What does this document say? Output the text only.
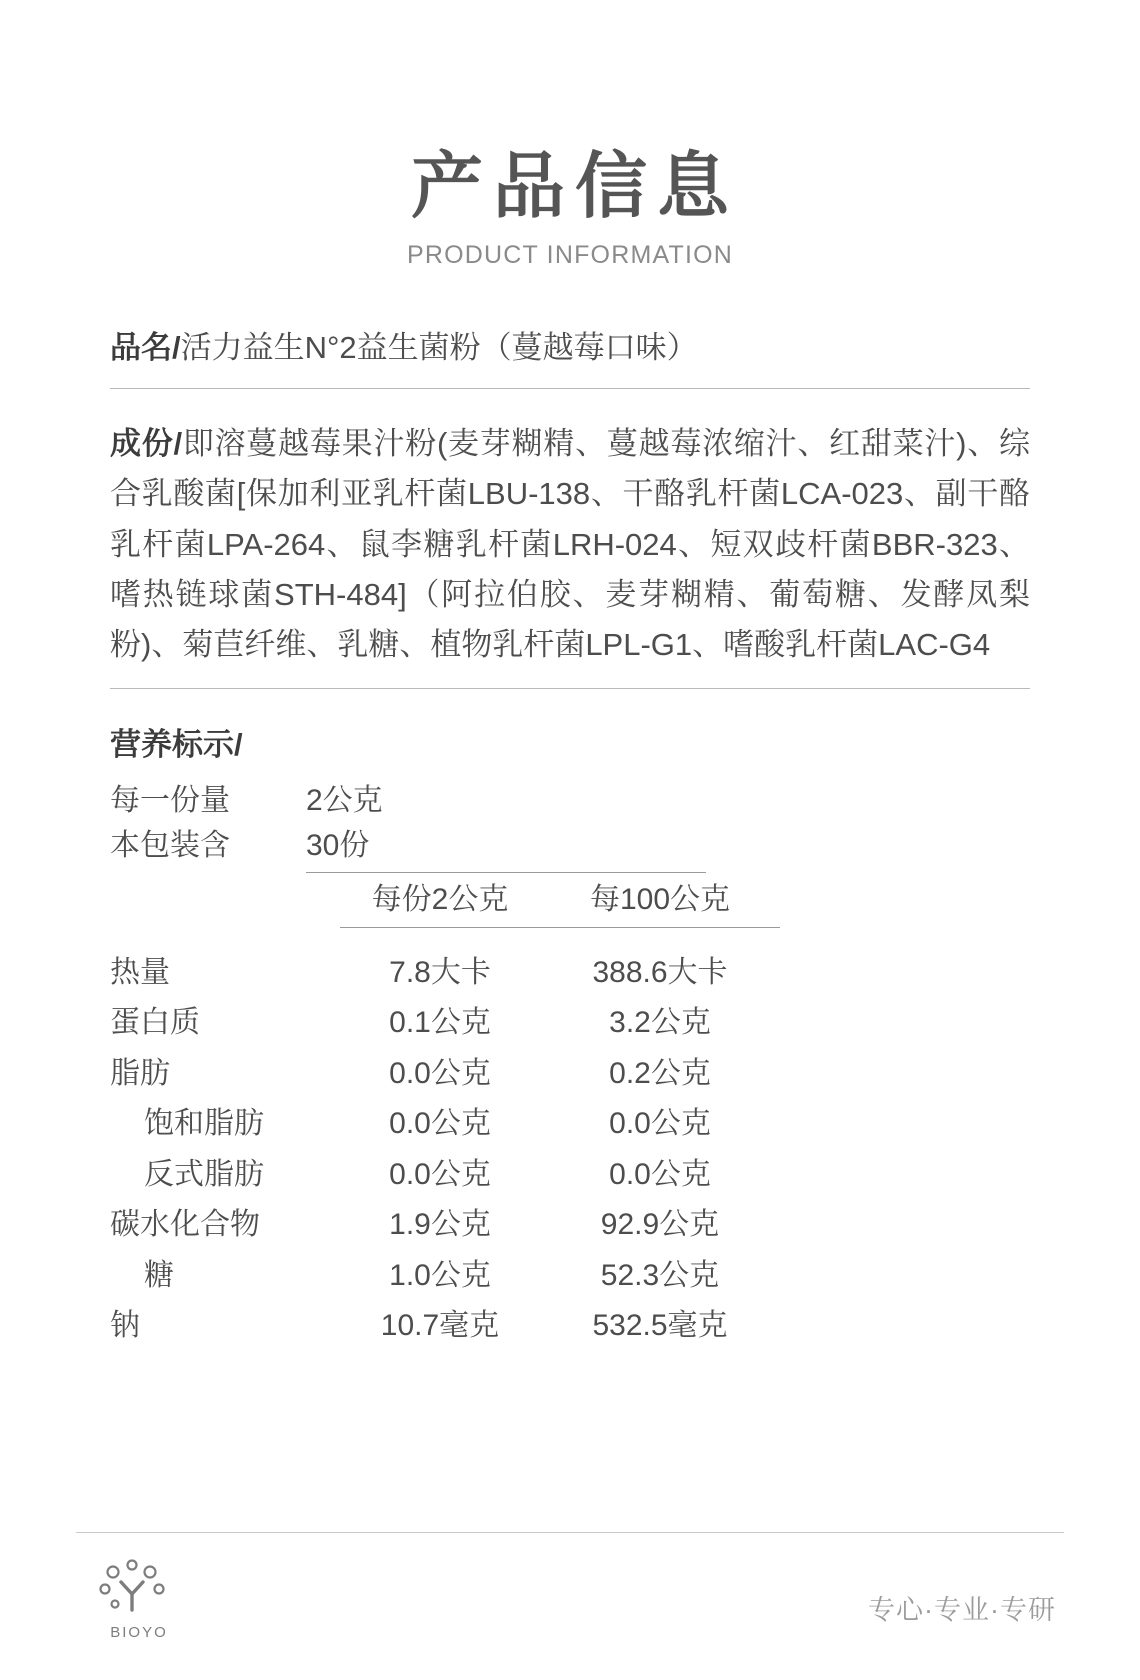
产品信息
PRODUCT INFORMATION
品名/活力益生N°2益生菌粉（蔓越莓口味）
成份/即溶蔓越莓果汁粉(麦芽糊精、蔓越莓浓缩汁、红甜菜汁)、综合乳酸菌[保加利亚乳杆菌LBU-138、干酪乳杆菌LCA-023、副干酪乳杆菌LPA-264、鼠李糖乳杆菌LRH-024、短双歧杆菌BBR-323、嗜热链球菌STH-484]（阿拉伯胶、麦芽糊精、葡萄糖、发酵凤梨粉)、菊苣纤维、乳糖、植物乳杆菌LPL-G1、嗜酸乳杆菌LAC-G4
营养标示/
每一份量	2公克
本包装含	30份
	每份2公克	每100公克	

热量	7.8大卡	388.6大卡	
蛋白质	0.1公克	3.2公克	
脂肪	0.0公克	0.2公克	
饱和脂肪	0.0公克	0.0公克	
反式脂肪	0.0公克	0.0公克	
碳水化合物	1.9公克	92.9公克	
糖	1.0公克	52.3公克	
钠	10.7毫克	532.5毫克	
BIOYO
专心·专业·专研
